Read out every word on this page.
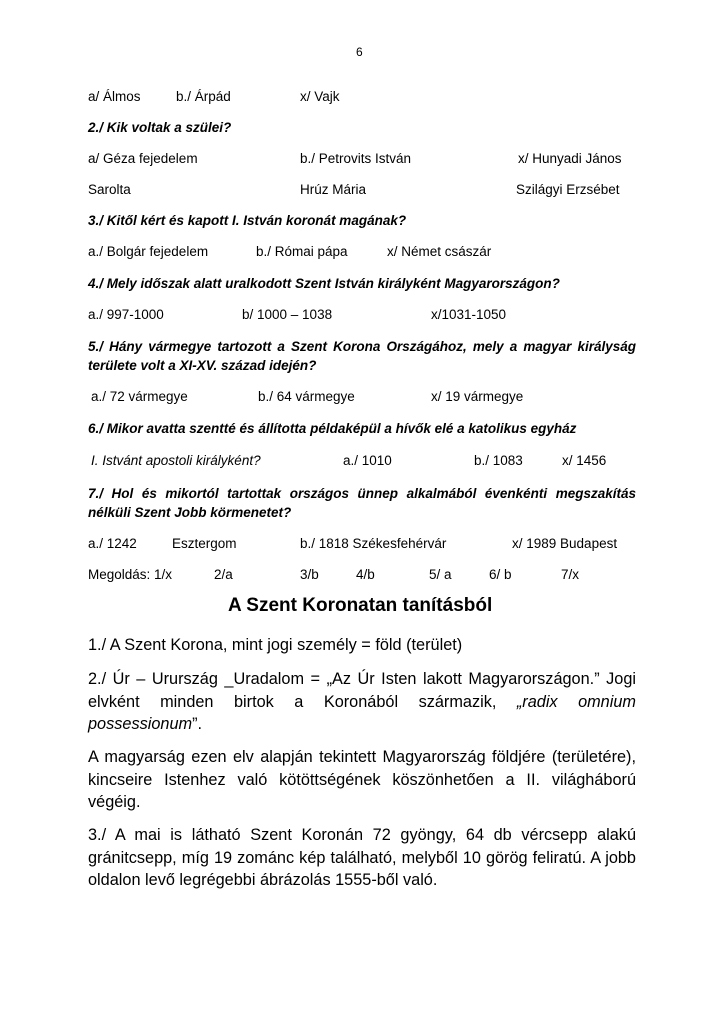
6
a/ Álmos	b./ Árpád	x/ Vajk
2./ Kik voltak a szülei?
a/ Géza fejedelem	b./ Petrovits István	x/ Hunyadi János
Sarolta	Hrúz Mária	Szilágyi Erzsébet
3./ Kitől kért és kapott I. István koronát magának?
a./ Bolgár fejedelem	b./ Római pápa	x/ Német császár
4./ Mely időszak alatt uralkodott Szent István királyként Magyarországon?
a./ 997-1000	b/ 1000 – 1038	x/1031-1050
5./ Hány vármegye tartozott a Szent Korona Országához, mely a magyar királyság területe volt a XI-XV. század idején?
a./ 72 vármegye	b./ 64 vármegye	x/ 19 vármegye
6./ Mikor avatta szentté és állította példaképül a hívők elé a katolikus egyház
I. Istvánt apostoli királyként?	a./ 1010	b./ 1083	x/ 1456
7./ Hol és mikortól tartottak országos ünnep alkalmából évenkénti megszakítás nélküli Szent Jobb körmenetet?
a./ 1242	Esztergom	b./ 1818 Székesfehérvár	x/ 1989 Budapest
Megoldás: 1/x	2/a	3/b	4/b	5/ a	6/ b	7/x
A Szent Koronatan tanításból

1./ A Szent Korona, mint jogi személy = föld (terület)

2./ Úr – Ururszág _Uradalom = „Az Úr Isten lakott Magyarországon.” Jogi elvként minden birtok a Koronából származik, „radix omnium possessionum”.

A magyarság ezen elv alapján tekintett Magyarország földjére (területére), kincseire Istenhez való kötöttségének köszönhetően a II. világháború végéig.

3./ A mai is látható Szent Koronán 72 gyöngy, 64 db vércsepp alakú gránitcsepp, míg 19 zománc kép található, melyből 10 görög feliratú. A jobb oldalon levő legrégebbi ábrázolás 1555-ből való.
